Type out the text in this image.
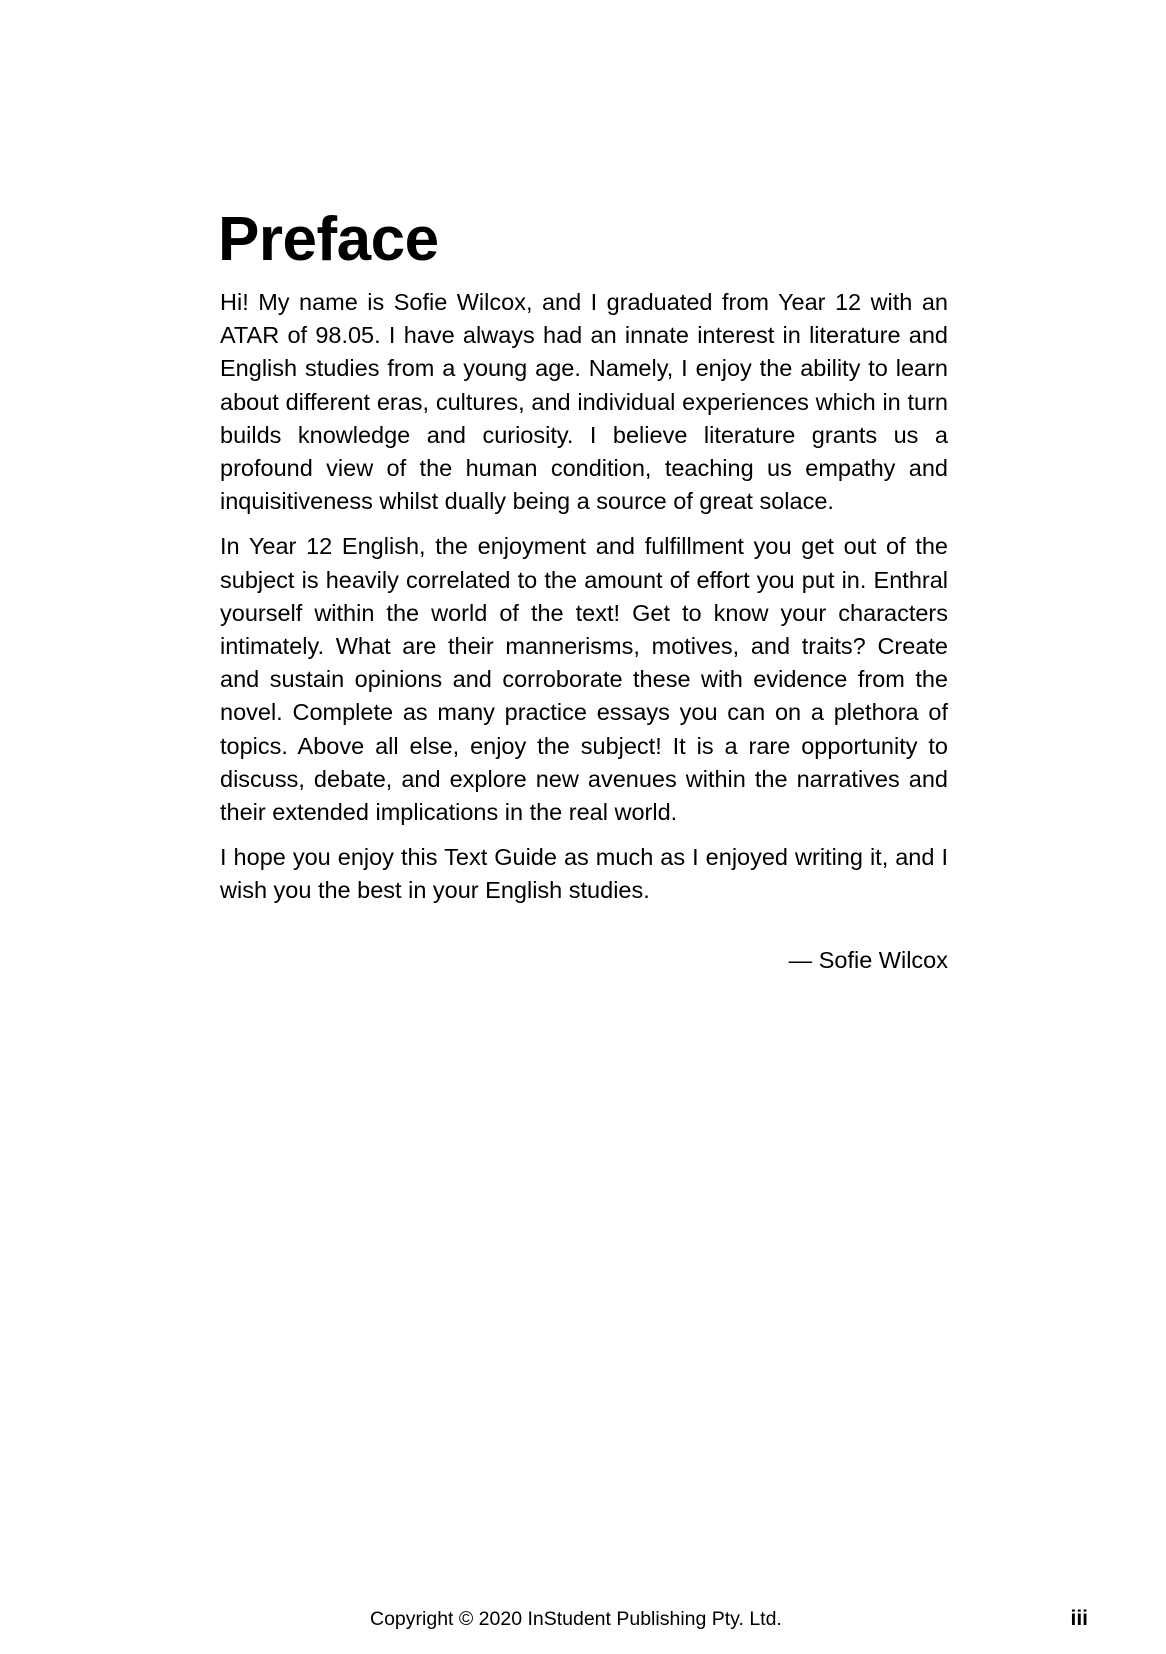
Preface

Hi! My name is Sofie Wilcox, and I graduated from Year 12 with an ATAR of 98.05. I have always had an innate interest in literature and English studies from a young age. Namely, I enjoy the ability to learn about different eras, cultures, and individual experiences which in turn builds knowledge and curiosity. I believe literature grants us a profound view of the human condition, teaching us empathy and inquisitiveness whilst dually being a source of great solace.

In Year 12 English, the enjoyment and fulfillment you get out of the subject is heavily correlated to the amount of effort you put in. Enthral yourself within the world of the text! Get to know your characters intimately. What are their mannerisms, motives, and traits? Create and sustain opinions and corroborate these with evidence from the novel. Complete as many practice essays you can on a plethora of topics. Above all else, enjoy the subject! It is a rare opportunity to discuss, debate, and explore new avenues within the narratives and their extended implications in the real world.

I hope you enjoy this Text Guide as much as I enjoyed writing it, and I wish you the best in your English studies.

— Sofie Wilcox

Copyright © 2020 InStudent Publishing Pty. Ltd.	iii
